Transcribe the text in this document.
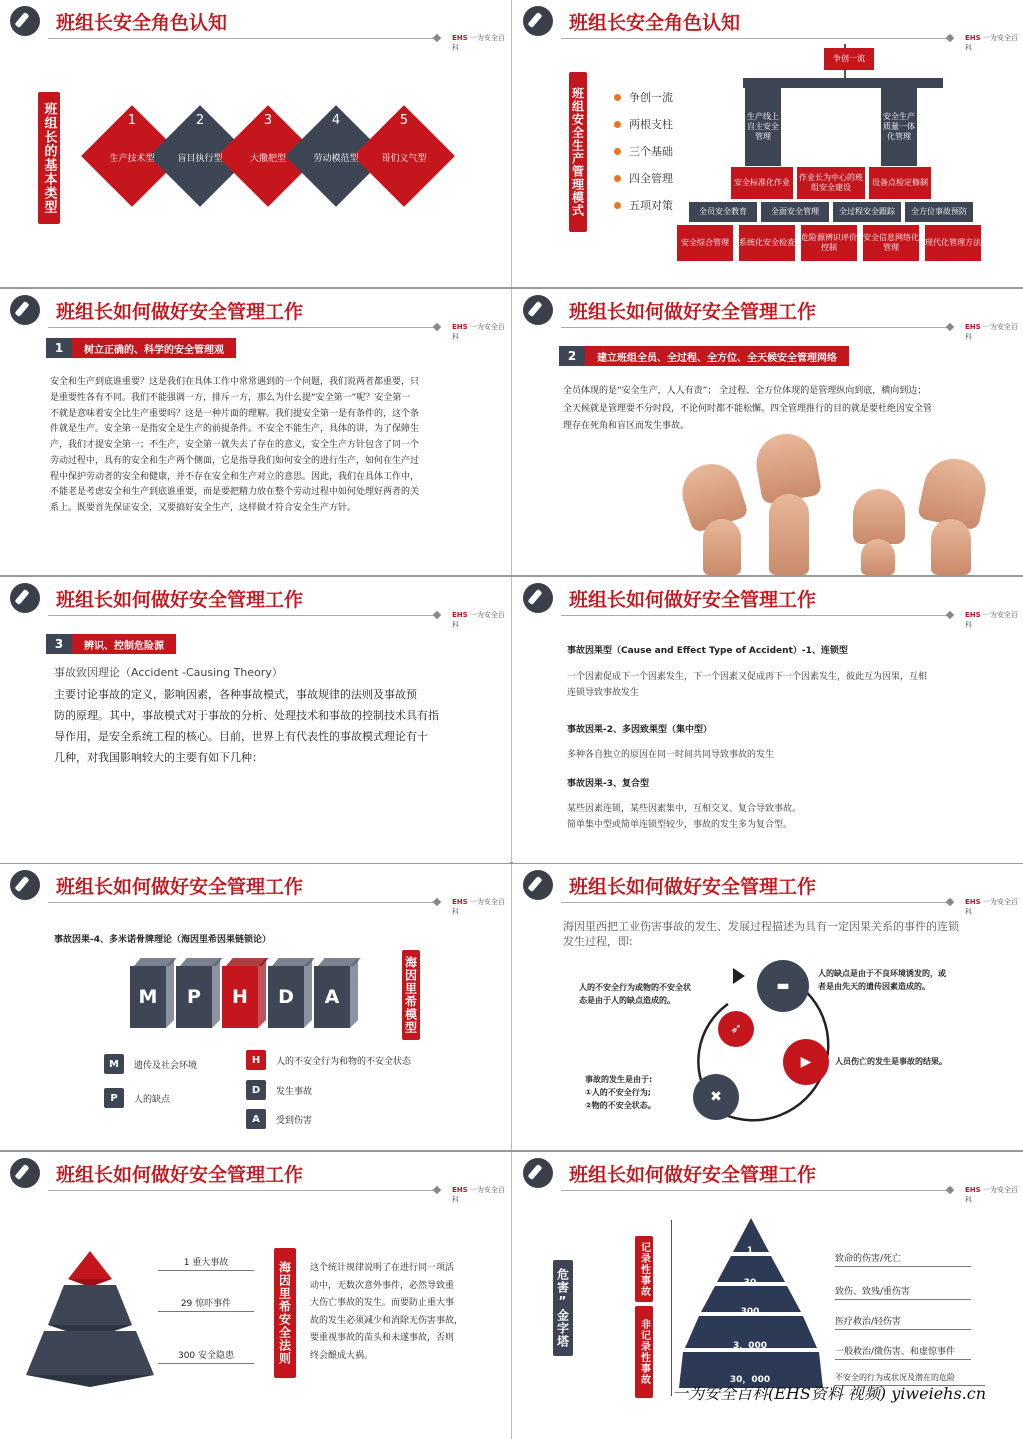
班组长安全角色认知
EHS 一为安全百科
班组长的基本类型	1	2	3	4	5
生产技术型	盲目执行型	大撒把型	劳动模范型	哥们义气型
班组长安全角色认知
EHS 一为安全百科
班组安全生产管理模式	争创一流
两根支柱
三个基础
四全管理
五项对策
争创一流
生产线上自主安全管理
安全生产质量一体化管理
安全标准化作业
作业长为中心的班组安全建设
设备点检定修制
全员安全教育	全面安全管理	全过程安全跟踪	全方位事故预防
安全综合管理	系统化安全检查
危险源辨识评价控制
安全信息网络化管理
现代化管理方法
班组长如何做好安全管理工作
EHS 一为安全百科
1	树立正确的、科学的安全管理观
安全和生产到底谁重要？这是我们在具体工作中常常遇到的一个问题，我们说两者都重要，只
是重要性各有不同。我们不能强调一方，排斥一方，那么为什么提“安全第一”呢？安全第一
不就是意味着安全比生产重要吗？这是一种片面的理解。我们提安全第一是有条件的，这个条
件就是生产。安全第一是指安全是生产的前提条件。不安全不能生产，具体的讲，为了保障生
产，我们才提安全第一；不生产，安全第一就失去了存在的意义，安全生产方针包含了同一个
劳动过程中，具有的安全和生产两个侧面，它是指导我们如何安全的进行生产，如何在生产过
程中保护劳动者的安全和健康，并不存在安全和生产对立的意思。因此，我们在具体工作中，
不能老是考虑安全和生产到底谁重要，而是要把精力放在整个劳动过程中如何处理好两者的关
系上。既要首先保证安全，又要搞好安全生产，这样做才符合安全生产方针。
班组长如何做好安全管理工作
EHS 一为安全百科
2	建立班组全员、全过程、全方位、全天候安全管理网络
全员体现的是“安全生产，人人有责”； 全过程、全方位体现的是管理纵向到底，横向到边；
全天候就是管理要不分时段，不论何时都不能松懈。四全管理推行的目的就是要杜绝因安全管
理存在死角和盲区而发生事故。
班组长如何做好安全管理工作
EHS 一为安全百科
3	辨识、控制危险源
事故致因理论（Accident -Causing Theory）
主要讨论事故的定义，影响因素，各种事故模式，事故规律的法则及事故预
防的原理。其中，事故模式对于事故的分析、处理技术和事故的控制技术具有指
导作用，是安全系统工程的核心。目前，世界上有代表性的事故模式理论有十
几种，对我国影响较大的主要有如下几种：
班组长如何做好安全管理工作
EHS 一为安全百科
事故因果型（Cause and Effect Type of Accident）-1、连锁型
一个因素促成下一个因素发生，下一个因素又促成再下一个因素发生，彼此互为因果，互相
连锁导致事故发生
事故因果-2、多因致果型（集中型）
多种各自独立的原因在同一时间共同导致事故的发生
事故因果-3、复合型
某些因素连锁，某些因素集中，互相交叉、复合导致事故。
简单集中型或简单连锁型较少，事故的发生多为复合型。
班组长如何做好安全管理工作
EHS 一为安全百科
事故因果-4、多米诺骨牌理论（海因里希因果链锁论）
M	P	H	D	A	海因里希模型
M	遗传及社会环境
P	人的缺点
H	人的不安全行为和物的不安全状态
D	发生事故
A	受到伤害
班组长如何做好安全管理工作
EHS 一为安全百科
海因里西把工业伤害事故的发生、发展过程描述为具有一定因果关系的事件的连锁
发生过程，即:
▬
➶
▶
✖
人的缺点是由于不良环境诱发的，或
者是由先天的遗传因素造成的。
人的不安全行为或物的不安全状
态是由于人的缺点造成的。
人员伤亡的发生是事故的结果。
事故的发生是由于:
①人的不安全行为;
②物的不安全状态。
班组长如何做好安全管理工作
EHS 一为安全百科
1 重大事故
29 惊吓事件
300 安全隐患	海因里希安全法则	这个统计规律说明了在进行同一项活
动中，无数次意外事件，必然导致重
大伤亡事故的发生。而要防止重大事
故的发生必须减少和消除无伤害事故，
要重视事故的苗头和未遂事故，否则
终会酿成大祸。
班组长如何做好安全管理工作
EHS 一为安全百科
危害”金字塔	记录性事故
非记录性事故
1
30
300
3，000
30，000
致命的伤害/死亡
致伤、致残/重伤害
医疗救治/轻伤害
一般救治/微伤害、和虚惊事件
不安全的行为或状况及潜在的危险
一为安全百科(EHS资料 视频) yiweiehs.cn
